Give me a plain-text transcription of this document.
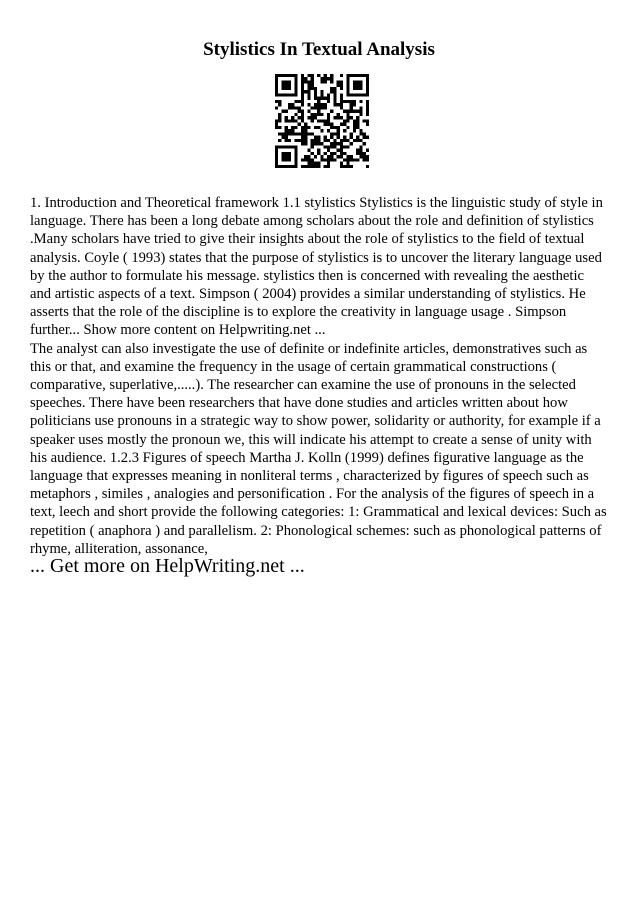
Stylistics In Textual Analysis

1. Introduction and Theoretical framework 1.1 stylistics Stylistics is the linguistic study of style in language. There has been a long debate among scholars about the role and definition of stylistics .Many scholars have tried to give their insights about the role of stylistics to the field of textual analysis. Coyle ( 1993) states that the purpose of stylistics is to uncover the literary language used by the author to formulate his message. stylistics then is concerned with revealing the aesthetic and artistic aspects of a text. Simpson ( 2004) provides a similar understanding of stylistics. He asserts that the role of the discipline is to explore the creativity in language usage . Simpson further... Show more content on Helpwriting.net ...

The analyst can also investigate the use of definite or indefinite articles, demonstratives such as this or that, and examine the frequency in the usage of certain grammatical constructions ( comparative, superlative,.....). The researcher can examine the use of pronouns in the selected speeches. There have been researchers that have done studies and articles written about how politicians use pronouns in a strategic way to show power, solidarity or authority, for example if a speaker uses mostly the pronoun we, this will indicate his attempt to create a sense of unity with his audience. 1.2.3 Figures of speech Martha J. Kolln (1999) defines figurative language as the language that expresses meaning in nonliteral terms , characterized by figures of speech such as metaphors , similes , analogies and personification . For the analysis of the figures of speech in a text, leech and short provide the following categories: 1: Grammatical and lexical devices: Such as repetition ( anaphora ) and parallelism. 2: Phonological schemes: such as phonological patterns of rhyme, alliteration, assonance,

... Get more on HelpWriting.net ...
